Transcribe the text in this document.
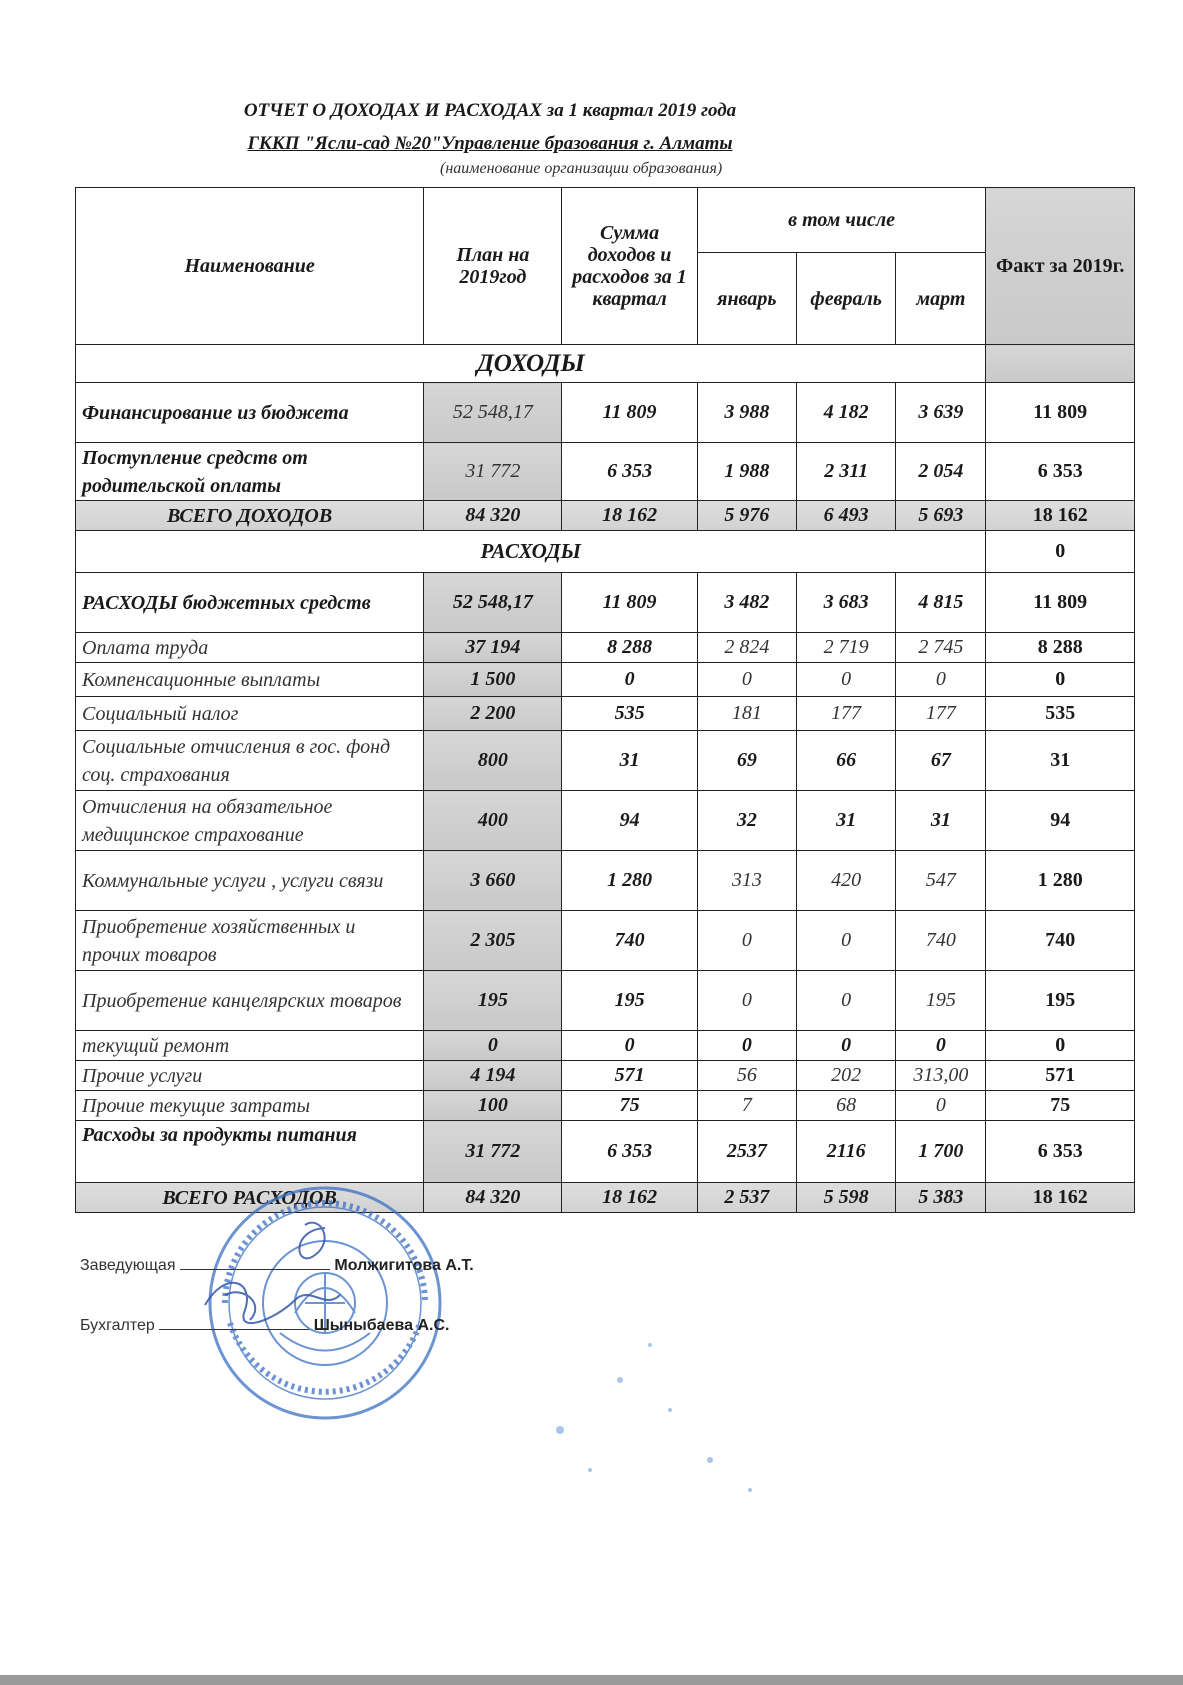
ОТЧЕТ О ДОХОДАХ И РАСХОДАХ за 1 квартал 2019 года
ГККП "Ясли-сад №20"Управление бразования г. Алматы
(наименование организации образования)
Наименование	План на 2019год	Сумма доходов и расходов за 1 квартал	в том числе			Факт за 2019г.
			январь	февраль	март	
ДОХОДЫ						
Финансирование из бюджета	52 548,17	11 809	3 988	4 182	3 639	11 809
Поступление средств от родительской оплаты	31 772	6 353	1 988	2 311	2 054	6 353
ВСЕГО ДОХОДОВ	84 320	18 162	5 976	6 493	5 693	18 162
РАСХОДЫ						0
РАСХОДЫ бюджетных средств	52 548,17	11 809	3 482	3 683	4 815	11 809
Оплата труда	37 194	8 288	2 824	2 719	2 745	8 288
Компенсационные выплаты	1 500	0	0	0	0	0
Социальный налог	2 200	535	181	177	177	535
Социальные отчисления в гос. фонд соц. страхования	800	31	69	66	67	31
Отчисления на обязательное медицинское страхование	400	94	32	31	31	94
Коммунальные услуги , услуги связи	3 660	1 280	313	420	547	1 280
Приобретение хозяйственных и прочих товаров	2 305	740	0	0	740	740
Приобретение канцелярских товаров	195	195	0	0	195	195
текущий ремонт	0	0	0	0	0	0
Прочие услуги	4 194	571	56	202	313,00	571
Прочие текущие затраты	100	75	7	68	0	75
Расходы за продукты питания	31 772	6 353	2537	2116	1 700	6 353
ВСЕГО РАСХОДОВ	84 320	18 162	2 537	5 598	5 383	18 162
Заведующая	Молжигитова А.Т.
Бухгалтер	Шыныбаева А.С.
